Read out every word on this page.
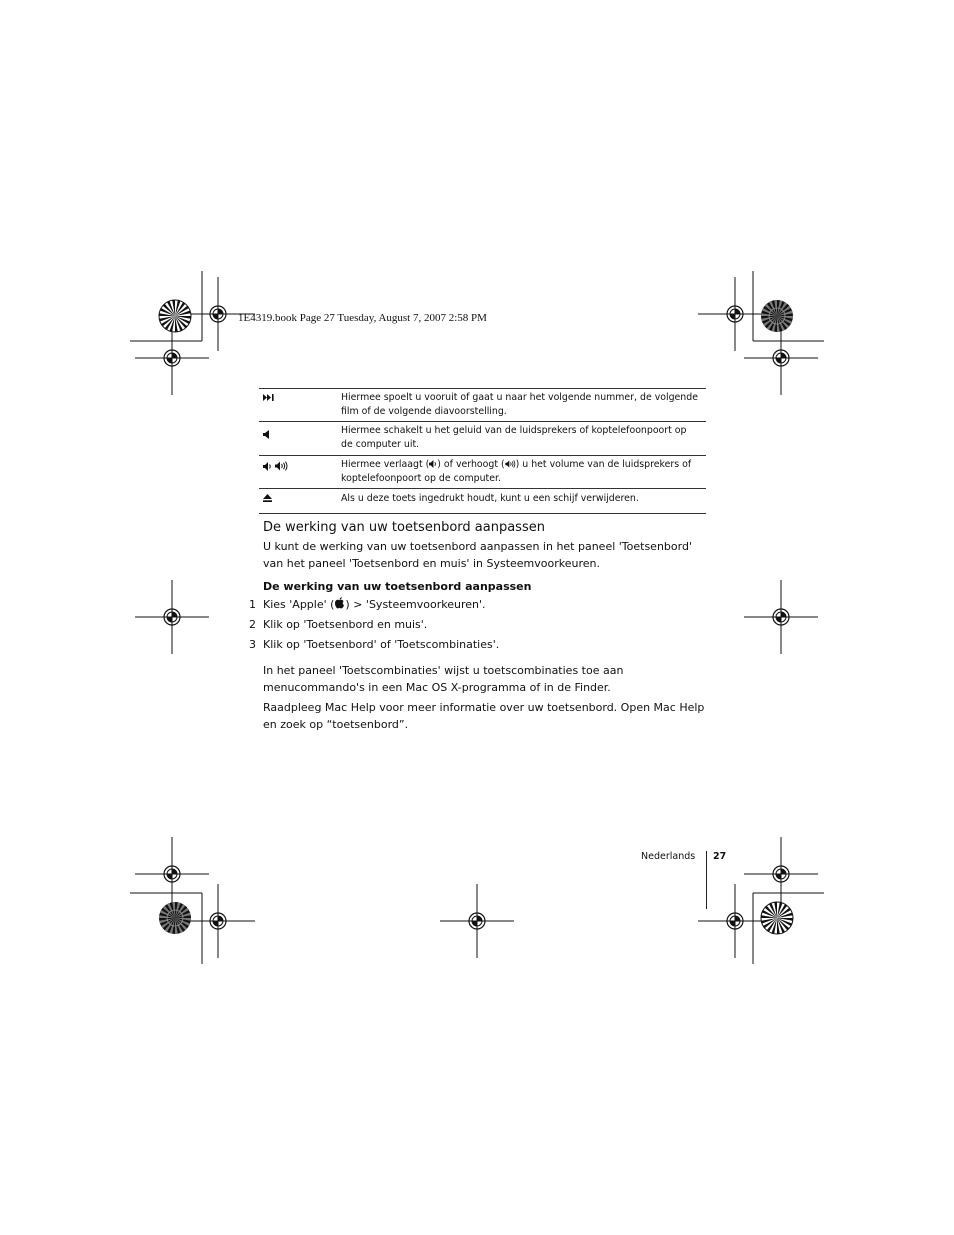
1E4319.book Page 27 Tuesday, August 7, 2007 2:58 PM
	Hiermee spoelt u vooruit of gaat u naar het volgende nummer, de volgende film of de volgende diavoorstelling.
	Hiermee schakelt u het geluid van de luidsprekers of koptelefoonpoort op de computer uit.
	Hiermee verlaagt ( ) of verhoogt ( ) u het volume van de luidsprekers of koptelefoonpoort op de computer.
	Als u deze toets ingedrukt houdt, kunt u een schijf verwijderen.
De werking van uw toetsenbord aanpassen

U kunt de werking van uw toetsenbord aanpassen in het paneel 'Toetsenbord' van het paneel 'Toetsenbord en muis' in Systeemvoorkeuren.

De werking van uw toetsenbord aanpassen
1 Kies 'Apple' ( ) > 'Systeemvoorkeuren'.
2 Klik op 'Toetsenbord en muis'.
3 Klik op 'Toetsenbord' of 'Toetscombinaties'.

In het paneel 'Toetscombinaties' wijst u toetscombinaties toe aan menucommando's in een Mac OS X-programma of in de Finder.

Raadpleeg Mac Help voor meer informatie over uw toetsenbord. Open Mac Help en zoek op “toetsenbord”.

Nederlands 27
